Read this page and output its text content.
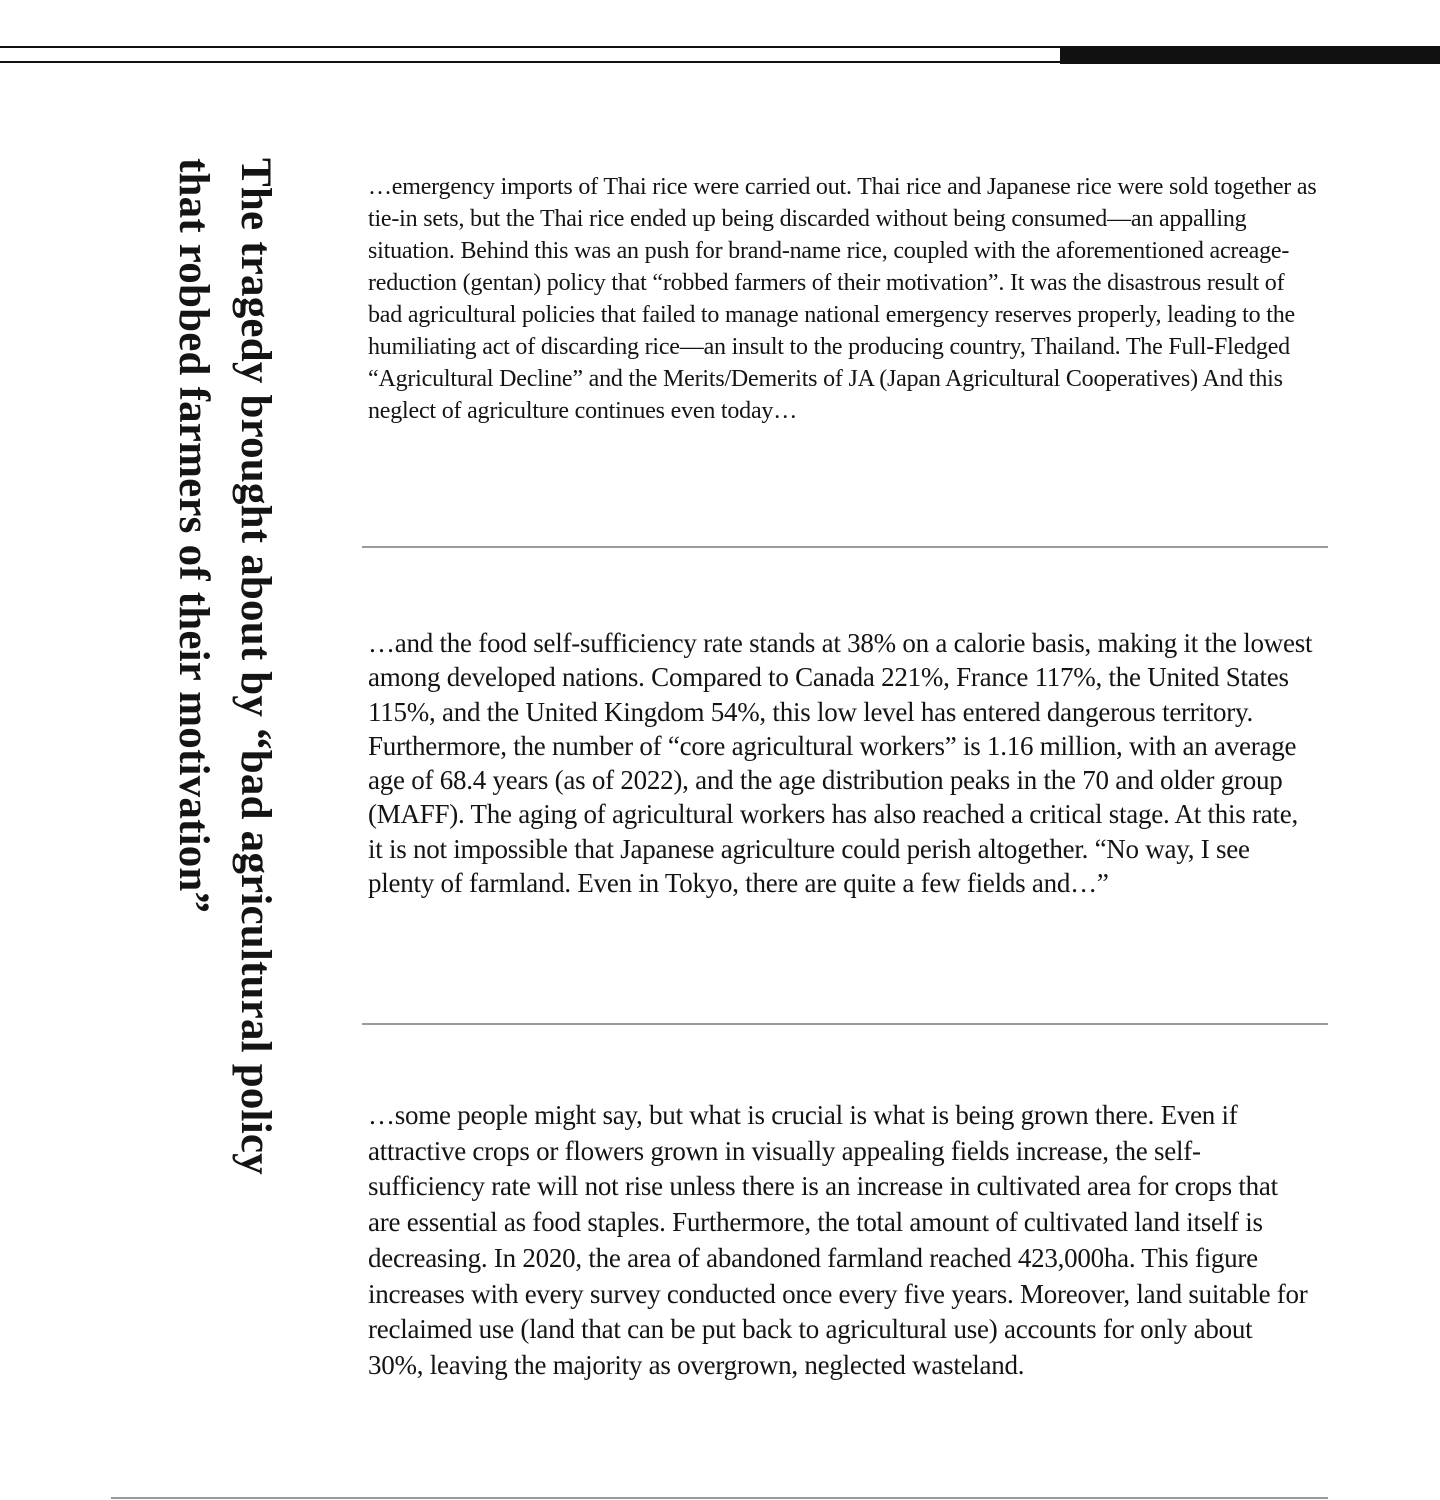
The tragedy brought about by “bad agricultural policy
that robbed farmers of their motivation”	…emergency imports of Thai rice were carried out. Thai rice and Japanese rice were sold together as tie-in sets, but the Thai rice ended up being discarded without being consumed—an appalling situation. Behind this was an push for brand-name rice, coupled with the aforementioned acreage-reduction (gentan) policy that “robbed farmers of their motivation”. It was the disastrous result of bad agricultural policies that failed to manage national emergency reserves properly, leading to the humiliating act of discarding rice—an insult to the producing country, Thailand. The Full-Fledged “Agricultural Decline” and the Merits/Demerits of JA (Japan Agricultural Cooperatives) And this neglect of agriculture continues even today…

…and the food self-sufficiency rate stands at 38% on a calorie basis, making it the lowest among developed nations. Compared to Canada 221%, France 117%, the United States 115%, and the United Kingdom 54%, this low level has entered dangerous territory. Furthermore, the number of “core agricultural workers” is 1.16 million, with an average age of 68.4 years (as of 2022), and the age distribution peaks in the 70 and older group (MAFF). The aging of agricultural workers has also reached a critical stage. At this rate, it is not impossible that Japanese agriculture could perish altogether. “No way, I see plenty of farmland. Even in Tokyo, there are quite a few fields and…”

…some people might say, but what is crucial is what is being grown there. Even if attractive crops or flowers grown in visually appealing fields increase, the self-sufficiency rate will not rise unless there is an increase in cultivated area for crops that are essential as food staples. Furthermore, the total amount of cultivated land itself is decreasing. In 2020, the area of abandoned farmland reached 423,000ha. This figure increases with every survey conducted once every five years. Moreover, land suitable for reclaimed use (land that can be put back to agricultural use) accounts for only about 30%, leaving the majority as overgrown, neglected wasteland.
